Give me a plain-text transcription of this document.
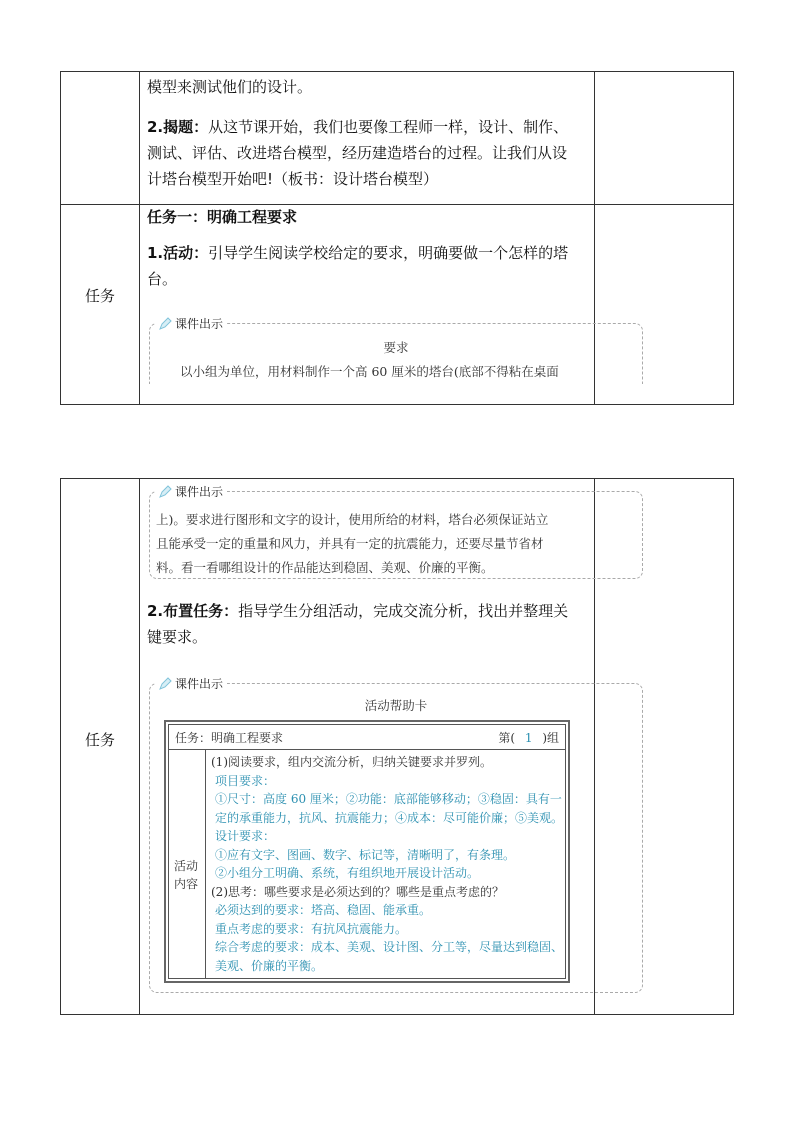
模型来测试他们的设计。

2.揭题：从这节课开始，我们也要像工程师一样，设计、制作、

测试、评估、改进塔台模型，经历建造塔台的过程。让我们从设

计塔台模型开始吧!（板书：设计塔台模型）

任务

任务一：明确工程要求

1.活动：引导学生阅读学校给定的要求，明确要做一个怎样的塔

台。

课件出示
要求
以小组为单位，用材料制作一个高 60 厘米的塔台(底部不得粘在桌面
任务
课件出示
上)。要求进行图形和文字的设计，使用所给的材料，塔台必须保证站立
且能承受一定的重量和风力，并具有一定的抗震能力，还要尽量节省材
料。看一看哪组设计的作品能达到稳固、美观、价廉的平衡。

2.布置任务：指导学生分组活动，完成交流分析，找出并整理关

键要求。

课件出示
活动帮助卡
任务：明确工程要求	第( 1 )组
活动
内容
(1)阅读要求，组内交流分析，归纳关键要求并罗列。
项目要求：
①尺寸：高度 60 厘米；②功能：底部能够移动；③稳固：具有一
定的承重能力，抗风、抗震能力；④成本：尽可能价廉；⑤美观。
设计要求：
①应有文字、图画、数字、标记等，清晰明了，有条理。
②小组分工明确、系统，有组织地开展设计活动。
(2)思考：哪些要求是必须达到的？哪些是重点考虑的？
必须达到的要求：塔高、稳固、能承重。
重点考虑的要求：有抗风抗震能力。
综合考虑的要求：成本、美观、设计图、分工等，尽量达到稳固、
美观、价廉的平衡。
